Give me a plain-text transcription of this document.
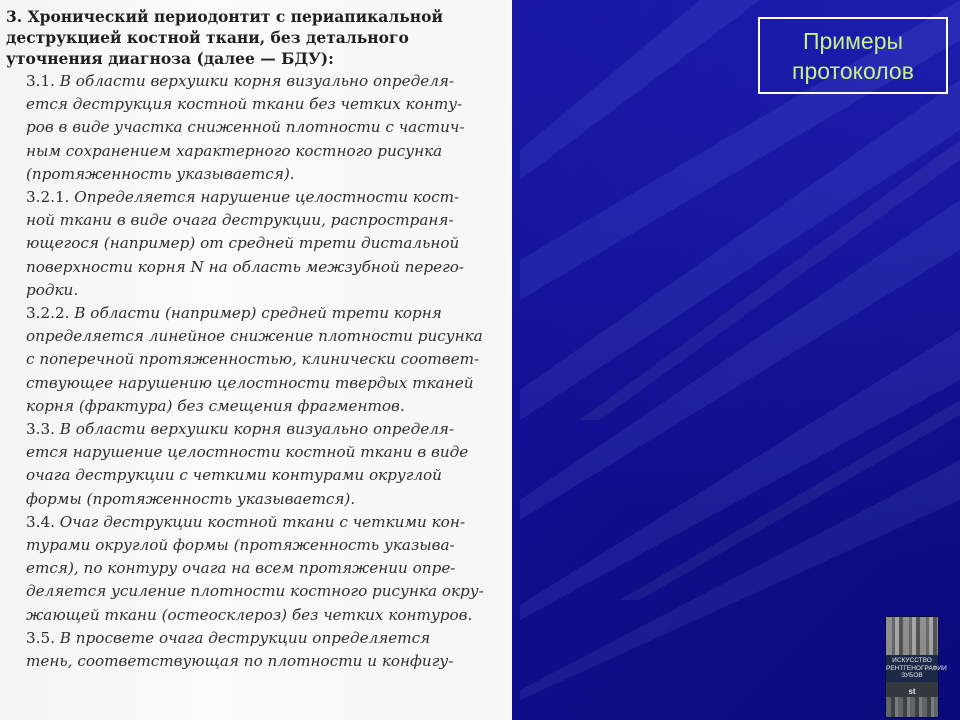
3. Хронический периодонтит с периапикальной
деструкцией костной ткани, без детального
уточнения диагноза (далее — БДУ):

3.1. В области верхушки корня визуально определя-
ется деструкция костной ткани без четких конту-
ров в виде участка сниженной плотности с частич-
ным сохранением характерного костного рисунка
(протяженность указывается).

3.2.1. Определяется нарушение целостности кост-
ной ткани в виде очага деструкции, распространя-
ющегося (например) от средней трети дистальной
поверхности корня N на область межзубной перего-
родки.

3.2.2. В области (например) средней трети корня
определяется линейное снижение плотности рисунка
с поперечной протяженностью, клинически соответ-
ствующее нарушению целостности твердых тканей
корня (фрактура) без смещения фрагментов.

3.3. В области верхушки корня визуально определя-
ется нарушение целостности костной ткани в виде
очага деструкции с четкими контурами округлой
формы (протяженность указывается).

3.4. Очаг деструкции костной ткани с четкими кон-
турами округлой формы (протяженность указыва-
ется), по контуру очага на всем протяжении опре-
деляется усиление плотности костного рисунка окру-
жающей ткани (остеосклероз) без четких контуров.

3.5. В просвете очага деструкции определяется
тень, соответствующая по плотности и конфигу-

Примеры
протоколов
ИСКУССТВО
РЕНТГЕНОГРАФИИ
ЗУБОВ
st
